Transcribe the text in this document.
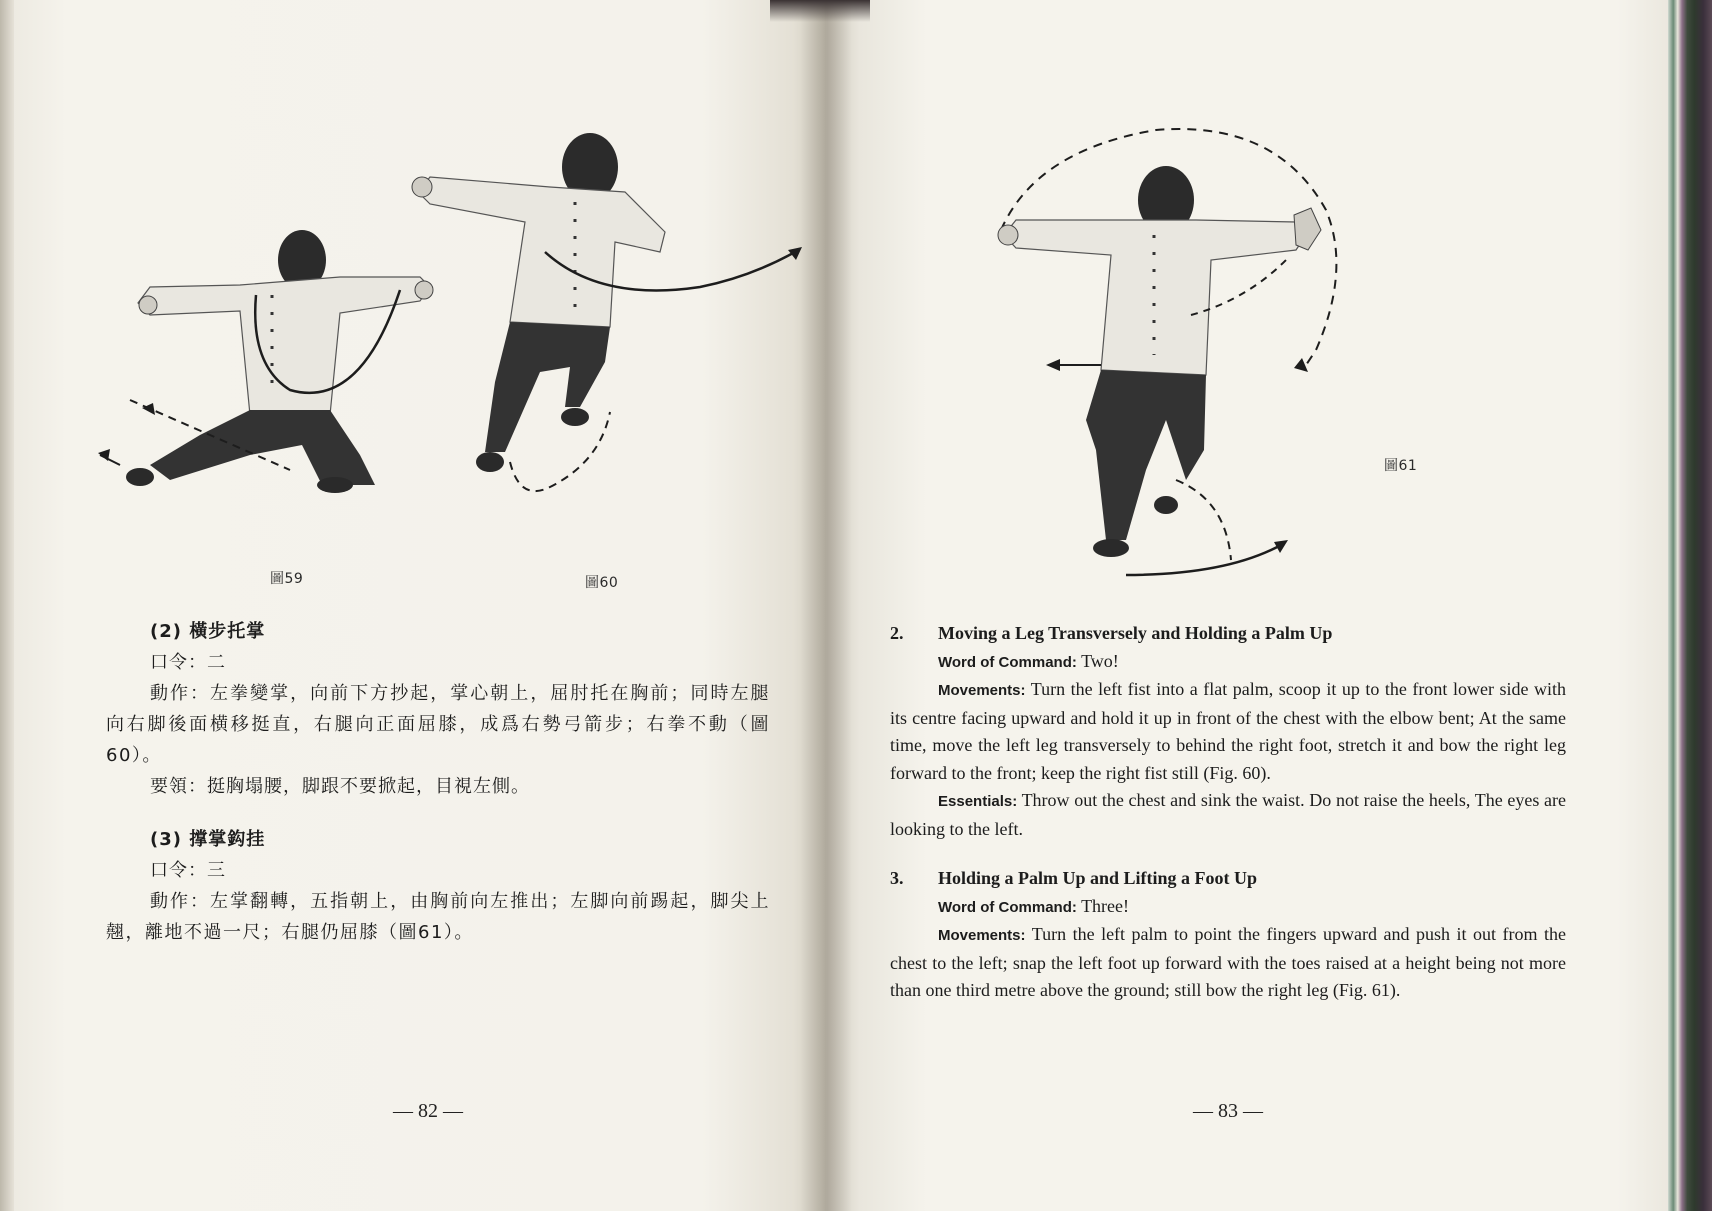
圖59	圖60
(2) 橫步托掌
口令：二
動作：左拳變掌，向前下方抄起，掌心朝上，屈肘托在胸前；同時左腿向右脚後面横移挺直，右腿向正面屈膝，成爲右勢弓箭步；右拳不動（圖60）。
要領：挺胸塌腰，脚跟不要掀起，目視左側。
(3) 撑掌鈎挂
口令：三
動作：左掌翻轉，五指朝上，由胸前向左推出；左脚向前踢起，脚尖上翹，離地不過一尺；右腿仍屈膝（圖61）。
— 82 —
圖61
2.	Moving a Leg Transversely and Holding a Palm Up
Word of Command: Two!
Movements: Turn the left fist into a flat palm, scoop it up to the front lower side with its centre facing upward and hold it up in front of the chest with the elbow bent; At the same time, move the left leg transversely to behind the right foot, stretch it and bow the right leg forward to the front; keep the right fist still (Fig. 60).
Essentials: Throw out the chest and sink the waist. Do not raise the heels, The eyes are looking to the left.
3.	Holding a Palm Up and Lifting a Foot Up
Word of Command: Three!
Movements: Turn the left palm to point the fingers upward and push it out from the chest to the left; snap the left foot up forward with the toes raised at a height being not more than one third metre above the ground; still bow the right leg (Fig. 61).
— 83 —
